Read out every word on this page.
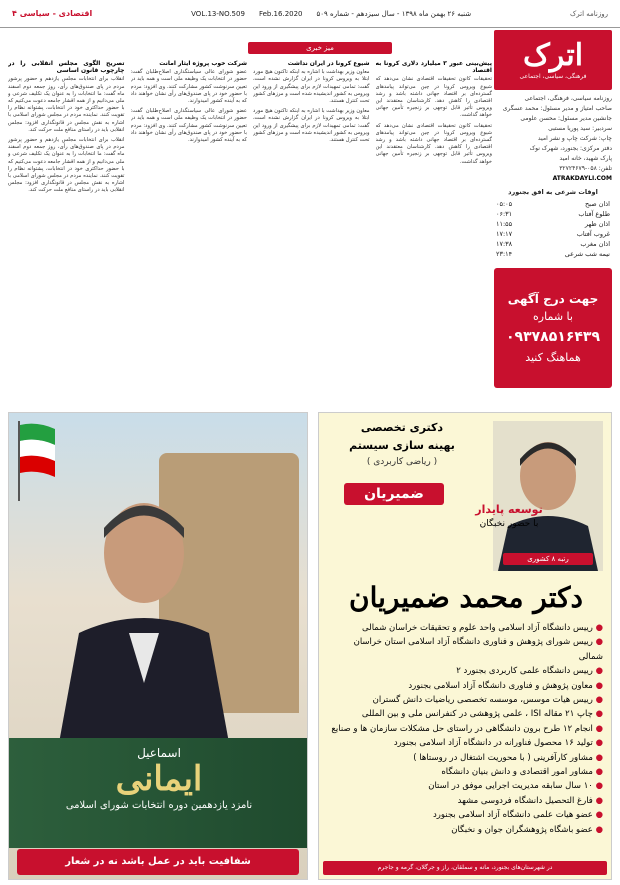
روزنامه اترک
شنبه ۲۶ بهمن ماه ۱۳۹۸ - سال سیزدهم - شماره ۵۰۹
Feb.16.2020
VOL.13-NO.509
اقتصادی - سیاسی ۴
اترک
فرهنگی، سیاسی، اجتماعی

روزنامه سیاسی، فرهنگی، اجتماعی

صاحب امتیاز و مدیر مسئول: محمد عسگری

جانشین مدیر مسئول: محسن علومی

سردبیر: سید پوریا مستبی

چاپ: شرکت چاپ و نشر امید

دفتر مرکزی: بجنورد، شهرک نوک

پارک شهید، خانه امید

تلفن: ۰۵۸-۳۲۷۲۴۶۷۹

ATRAKDAYLI.COM
اوقات شرعی به افق بجنورد
اذان صبح	۰۵:۰۵
طلوع آفتاب	۰۶:۳۱
اذان ظهر	۱۱:۵۵
غروب آفتاب	۱۷:۱۷
اذان مغرب	۱۷:۳۸
نیمه شب شرعی	۲۳:۱۴
جهت درج آگهی
با شماره
۰۹۳۷۸۵۱۶۴۳۹
هماهنگ کنید
میز خبری
تصریح الگوی مجلس انقلابی را در چارچوب قانون اساسی
انقلاب برای انتخابات مجلس یازدهم و حضور پرشور مردم در پای صندوق‌های رأی، روز جمعه دوم اسفند ماه گفت: ما انتخابات را به عنوان یک تکلیف شرعی و ملی می‌دانیم و از همه اقشار جامعه دعوت می‌کنیم که با حضور حداکثری خود در انتخابات، پشتوانه نظام را تقویت کنند. نماینده مردم در مجلس شورای اسلامی با اشاره به نقش مجلس در قانونگذاری افزود: مجلس انقلابی باید در راستای منافع ملت حرکت کند.
انقلاب برای انتخابات مجلس یازدهم و حضور پرشور مردم در پای صندوق‌های رأی، روز جمعه دوم اسفند ماه گفت: ما انتخابات را به عنوان یک تکلیف شرعی و ملی می‌دانیم و از همه اقشار جامعه دعوت می‌کنیم که با حضور حداکثری خود در انتخابات، پشتوانه نظام را تقویت کنند. نماینده مردم در مجلس شورای اسلامی با اشاره به نقش مجلس در قانونگذاری افزود: مجلس انقلابی باید در راستای منافع ملت حرکت کند.
شرکت خوب پروژه ایثار امانت
عضو شورای عالی سیاستگذاری اصلاح‌طلبان گفت: حضور در انتخابات یک وظیفه ملی است و همه باید در تعیین سرنوشت کشور مشارکت کنند. وی افزود: مردم با حضور خود در پای صندوق‌های رأی نشان خواهند داد که به آینده کشور امیدوارند.
عضو شورای عالی سیاستگذاری اصلاح‌طلبان گفت: حضور در انتخابات یک وظیفه ملی است و همه باید در تعیین سرنوشت کشور مشارکت کنند. وی افزود: مردم با حضور خود در پای صندوق‌های رأی نشان خواهند داد که به آینده کشور امیدوارند.
شیوع کرونا در ایران نداشت
معاون وزیر بهداشت با اشاره به اینکه تاکنون هیچ مورد ابتلا به ویروس کرونا در ایران گزارش نشده است، گفت: تمامی تمهیدات لازم برای پیشگیری از ورود این ویروس به کشور اندیشیده شده است و مرزهای کشور تحت کنترل هستند.
معاون وزیر بهداشت با اشاره به اینکه تاکنون هیچ مورد ابتلا به ویروس کرونا در ایران گزارش نشده است، گفت: تمامی تمهیدات لازم برای پیشگیری از ورود این ویروس به کشور اندیشیده شده است و مرزهای کشور تحت کنترل هستند.
پیش‌بینی عبور ۳ میلیارد دلاری کرونا به اقتصاد
تحقیقات کانون تحقیقات اقتصادی نشان می‌دهد که شیوع ویروس کرونا در چین می‌تواند پیامدهای گسترده‌ای بر اقتصاد جهانی داشته باشد و رشد اقتصادی را کاهش دهد. کارشناسان معتقدند این ویروس تأثیر قابل توجهی بر زنجیره تأمین جهانی خواهد گذاشت.
تحقیقات کانون تحقیقات اقتصادی نشان می‌دهد که شیوع ویروس کرونا در چین می‌تواند پیامدهای گسترده‌ای بر اقتصاد جهانی داشته باشد و رشد اقتصادی را کاهش دهد. کارشناسان معتقدند این ویروس تأثیر قابل توجهی بر زنجیره تأمین جهانی خواهد گذاشت.
اسماعیل
ایمانی
نامزد یازدهمین دوره انتخابات شورای اسلامی
شفافیت باید در عمل باشد نه در شعار
دکتری تخصصی
بهینه سازی سیستم
( ریاضی کاربردی )
توسعه پایدار
با حضور نخبگان
ضمیریان
رتبه ۸ کشوری
دکتر محمد ضمیریان
● رییس دانشگاه آزاد اسلامی واحد علوم و تحقیقات خراسان شمالی
● رییس شورای پژوهش و فناوری دانشگاه آزاد اسلامی استان خراسان شمالی
● رییس دانشگاه علمی کاربردی بجنورد ۲
● معاون پژوهش و فناوری دانشگاه آزاد اسلامی بجنورد
● رییس هیات موسس، موسسه تخصصی ریاضیات دانش گستران
● چاپ ۲۱ مقاله ISI ، علمی پژوهشی در کنفرانس ملی و بین المللی
● انجام ۱۲ طرح برون دانشگاهی در راستای حل مشکلات سازمان ها و صنایع
● تولید ۱۶ محصول فناورانه در دانشگاه آزاد اسلامی بجنورد
● مشاور کارآفرینی ( با محوریت اشتغال در روستاها )
● مشاور امور اقتصادی و دانش بنیان دانشگاه
● ۱۰ سال سابقه مدیریت اجرایی موفق در استان
● فارغ التحصیل دانشگاه فردوسی مشهد
● عضو هیات علمی دانشگاه آزاد اسلامی بجنورد
● عضو باشگاه پژوهشگران جوان و نخبگان
در شهرستان‌های بجنورد، مانه و سملقان، راز و جرگلان، گرمه و جاجرم
